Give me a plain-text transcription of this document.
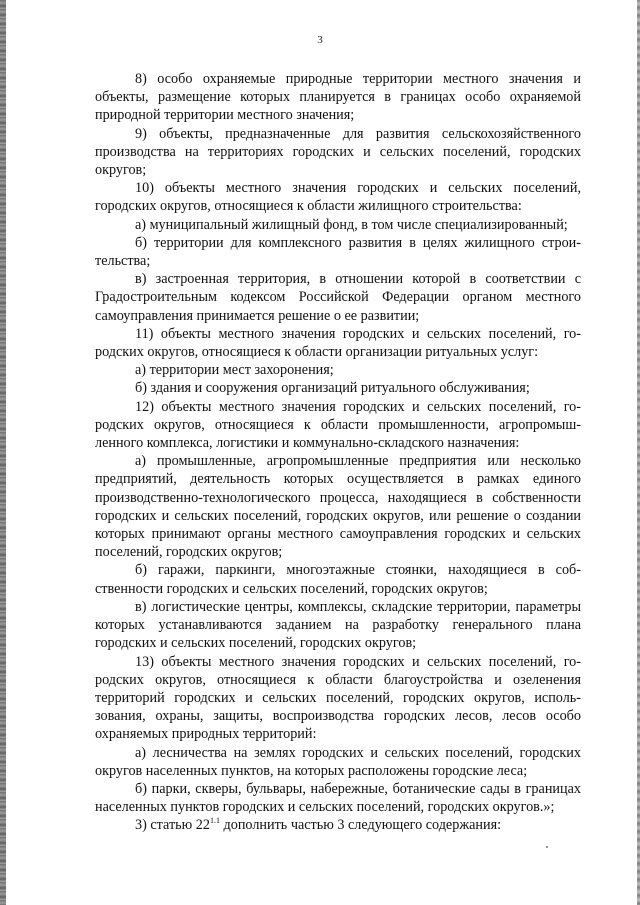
3

8) особо охраняемые природные территории местного значения и объекты, размещение которых планируется в границах особо охраняемой природной территории местного значения;

9) объекты, предназначенные для развития сельскохозяйственного производства на территориях городских и сельских поселений, городских округов;

10) объекты местного значения городских и сельских поселений, городских округов, относящиеся к области жилищного строительства:

а) муниципальный жилищный фонд, в том числе специализированный;

б) территории для комплексного развития в целях жилищного строительства;

в) застроенная территория, в отношении которой в соответствии с Градостроительным кодексом Российской Федерации органом местного самоуправления принимается решение о ее развитии;

11) объекты местного значения городских и сельских поселений, городских округов, относящиеся к области организации ритуальных услуг:

а) территории мест захоронения;

б) здания и сооружения организаций ритуального обслуживания;

12) объекты местного значения городских и сельских поселений, городских округов, относящиеся к области промышленности, агропромышленного комплекса, логистики и коммунально-складского назначения:

а) промышленные, агропромышленные предприятия или несколько предприятий, деятельность которых осуществляется в рамках единого производственно-технологического процесса, находящиеся в собственности городских и сельских поселений, городских округов, или решение о создании которых принимают органы местного самоуправления городских и сельских поселений, городских округов;

б) гаражи, паркинги, многоэтажные стоянки, находящиеся в собственности городских и сельских поселений, городских округов;

в) логистические центры, комплексы, складские территории, параметры которых устанавливаются заданием на разработку генерального плана городских и сельских поселений, городских округов;

13) объекты местного значения городских и сельских поселений, городских округов, относящиеся к области благоустройства и озеленения территорий городских и сельских поселений, городских округов, использования, охраны, защиты, воспроизводства городских лесов, лесов особо охраняемых природных территорий:

а) лесничества на землях городских и сельских поселений, городских округов населенных пунктов, на которых расположены городские леса;

б) парки, скверы, бульвары, набережные, ботанические сады в границах населенных пунктов городских и сельских поселений, городских округов.»;

3) статью $22^{1.1}$ дополнить частью 3 следующего содержания:
